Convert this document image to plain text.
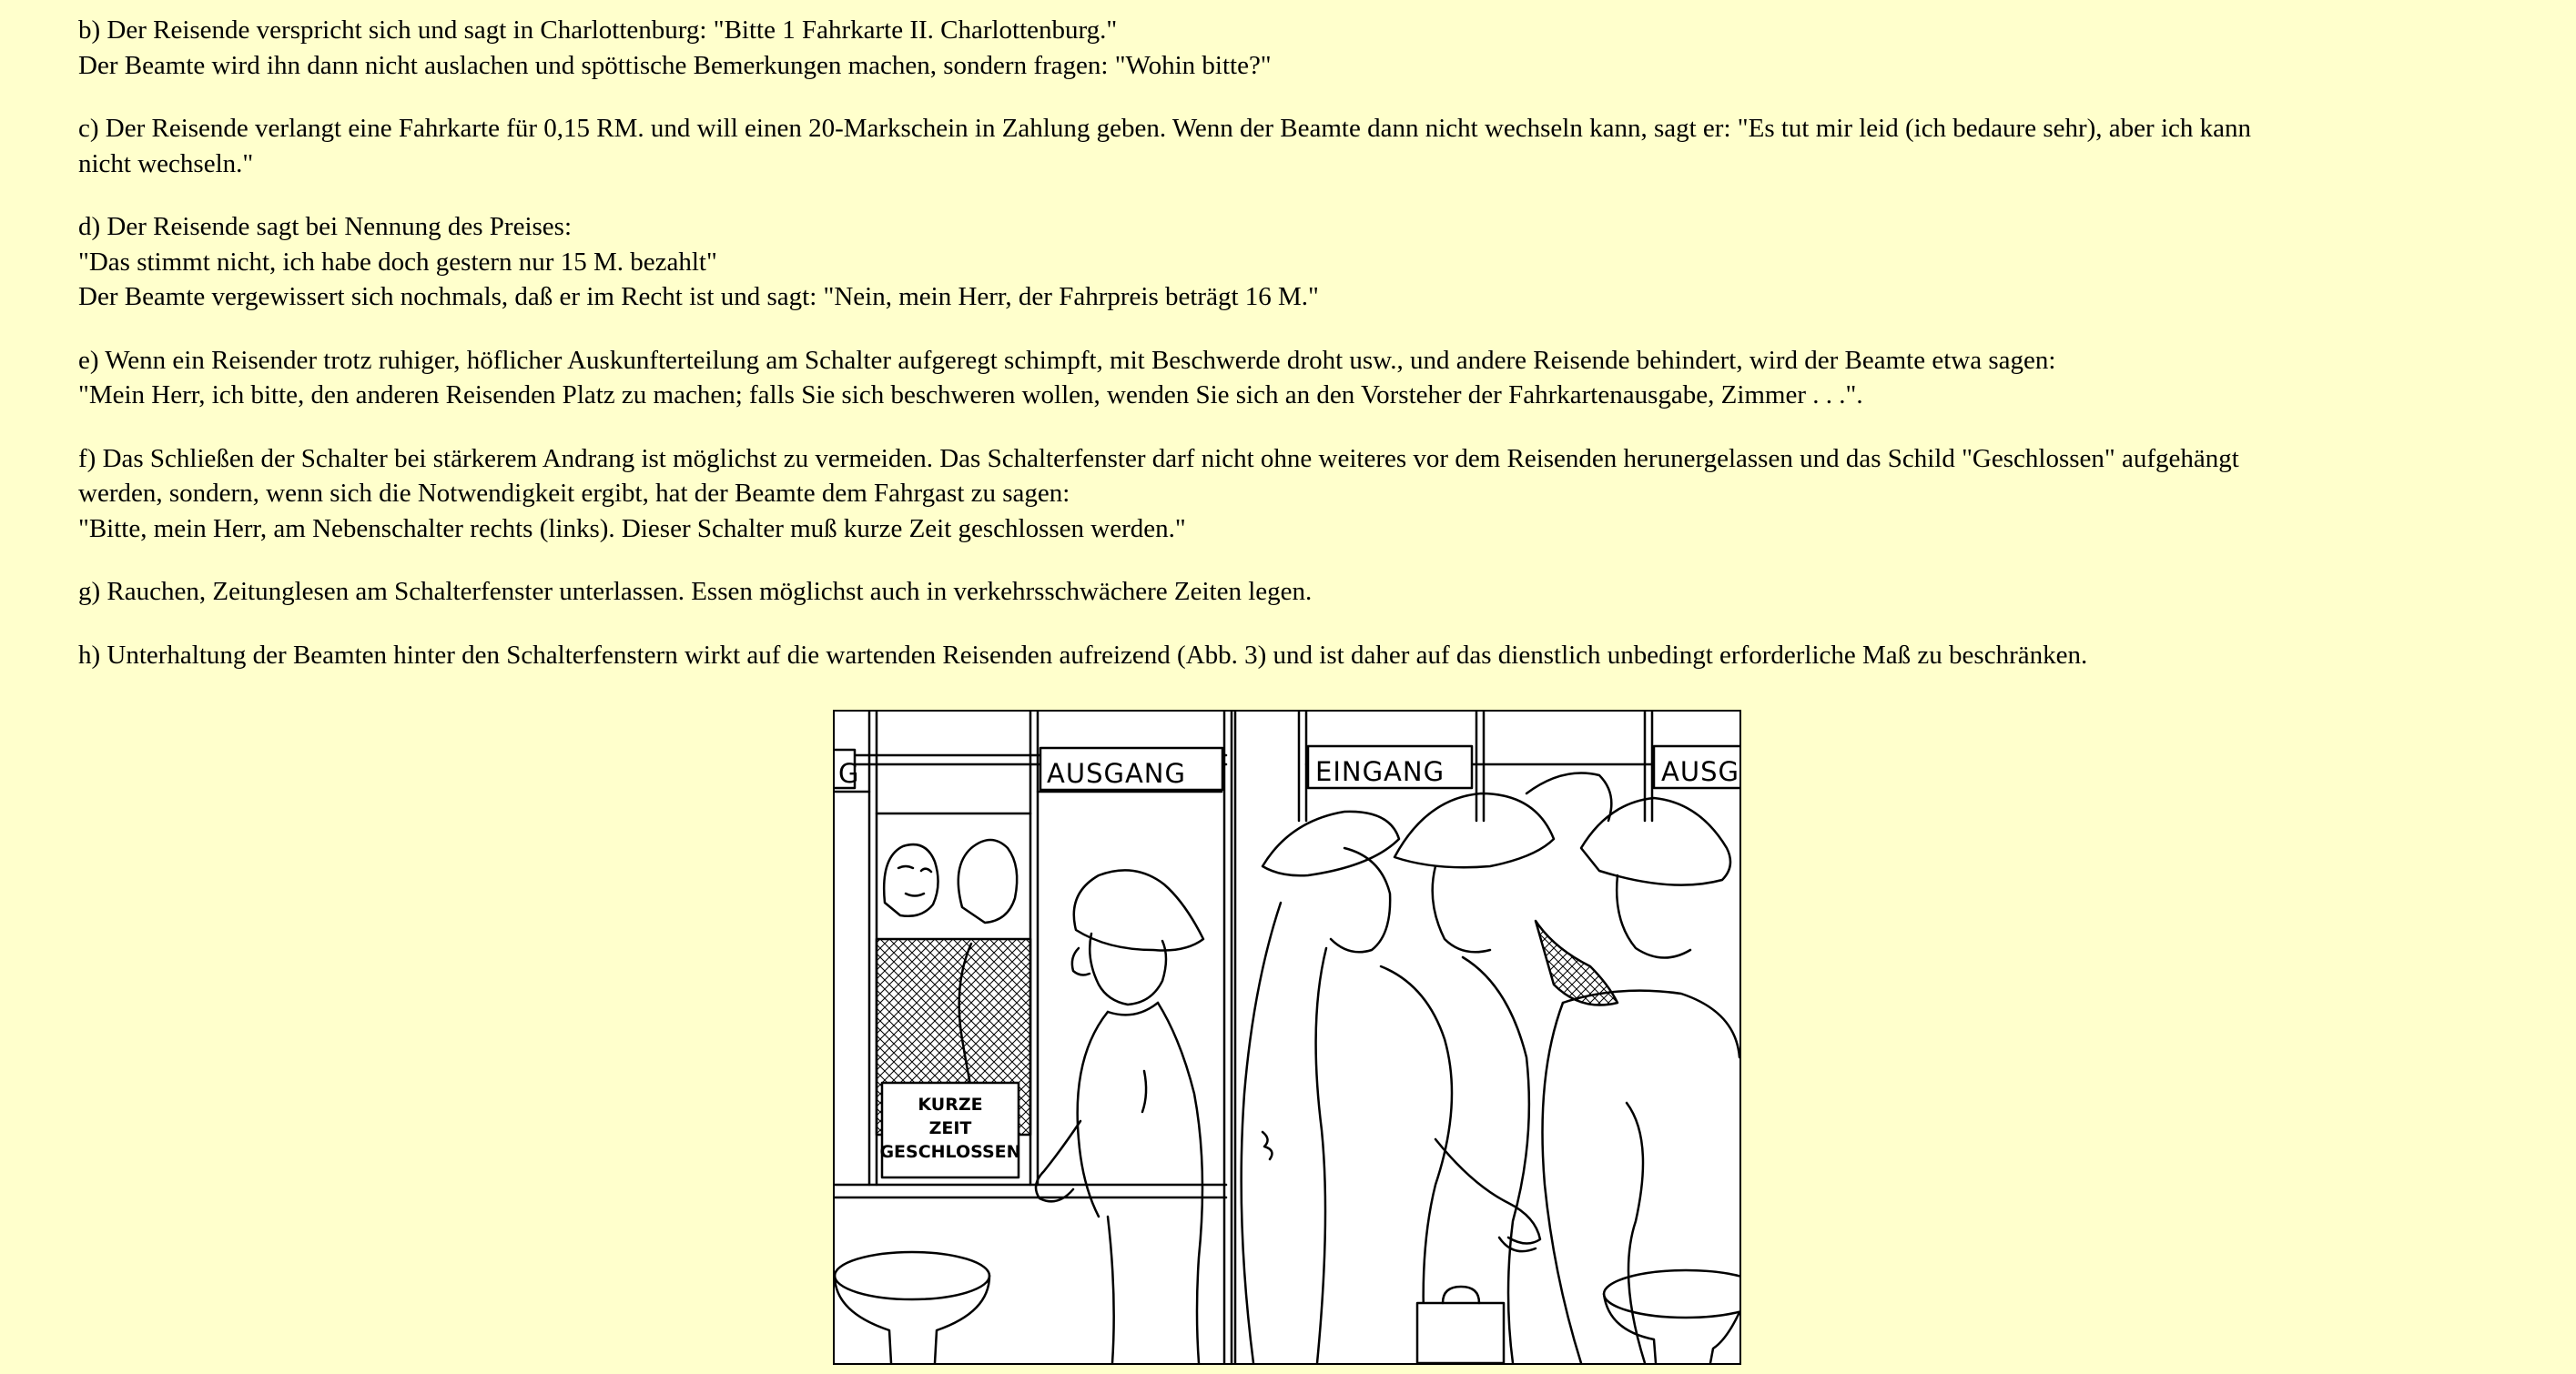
b) Der Reisende verspricht sich und sagt in Charlottenburg: "Bitte 1 Fahrkarte II. Charlottenburg."
Der Beamte wird ihn dann nicht auslachen und spöttische Bemerkungen machen, sondern fragen: "Wohin bitte?"

c) Der Reisende verlangt eine Fahrkarte für 0,15 RM. und will einen 20-Markschein in Zahlung geben. Wenn der Beamte dann nicht wechseln kann, sagt er: "Es tut mir leid (ich bedaure sehr), aber ich kann
nicht wechseln."

d) Der Reisende sagt bei Nennung des Preises:
"Das stimmt nicht, ich habe doch gestern nur 15 M. bezahlt"
Der Beamte vergewissert sich nochmals, daß er im Recht ist und sagt: "Nein, mein Herr, der Fahrpreis beträgt 16 M."

e) Wenn ein Reisender trotz ruhiger, höflicher Auskunfterteilung am Schalter aufgeregt schimpft, mit Beschwerde droht usw., und andere Reisende behindert, wird der Beamte etwa sagen:
"Mein Herr, ich bitte, den anderen Reisenden Platz zu machen; falls Sie sich beschweren wollen, wenden Sie sich an den Vorsteher der Fahrkartenausgabe, Zimmer . . .".

f) Das Schließen der Schalter bei stärkerem Andrang ist möglichst zu vermeiden. Das Schalterfenster darf nicht ohne weiteres vor dem Reisenden herunergelassen und das Schild "Geschlossen" aufgehängt
werden, sondern, wenn sich die Notwendigkeit ergibt, hat der Beamte dem Fahrgast zu sagen:
"Bitte, mein Herr, am Nebenschalter rechts (links). Dieser Schalter muß kurze Zeit geschlossen werden."

g) Rauchen, Zeitunglesen am Schalterfenster unterlassen. Essen möglichst auch in verkehrsschwächere Zeiten legen.

h) Unterhaltung der Beamten hinter den Schalterfenstern wirkt auf die wartenden Reisenden aufreizend (Abb. 3) und ist daher auf das dienstlich unbedingt erforderliche Maß zu beschränken.

KURZE
ZEIT
GESCHLOSSEN
G	AUSGANG	EINGANG	AUSG
